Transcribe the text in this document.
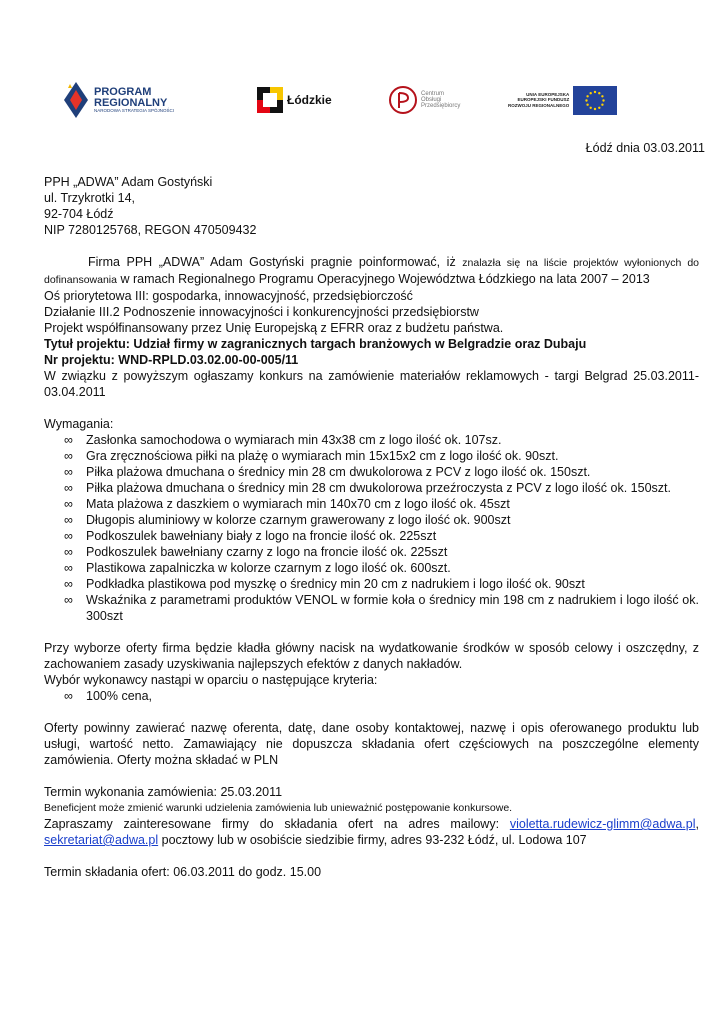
PROGRAM
REGIONALNY
NARODOWA STRATEGIA SPÓJNOŚCI
Łódzkie	Centrum
Obsługi
Przedsiębiorcy
UNIA EUROPEJSKA
EUROPEJSKI FUNDUSZ
ROZWOJU REGIONALNEGO
Łódź dnia 03.03.2011

PPH „ADWA” Adam Gostyński

ul. Trzykrotki 14,

92-704 Łódź

NIP 7280125768, REGON 470509432

Firma PPH „ADWA” Adam Gostyński pragnie poinformować, iż znalazła się na liście projektów wyłonionych do dofinansowania w ramach Regionalnego Programu Operacyjnego Województwa Łódzkiego na lata 2007 – 2013

Oś priorytetowa III: gospodarka, innowacyjność, przedsiębiorczość

Działanie III.2 Podnoszenie innowacyjności i konkurencyjności przedsiębiorstw

Projekt współfinansowany przez Unię Europejską z EFRR oraz z budżetu państwa.

Tytuł projektu: Udział firmy w zagranicznych targach branżowych w Belgradzie oraz Dubaju

Nr projektu: WND-RPLD.03.02.00-00-005/11

W związku z powyższym ogłaszamy konkurs na zamówienie materiałów reklamowych - targi Belgrad 25.03.2011-03.04.2011

Wymagania:

∞ Zasłonka samochodowa o wymiarach min 43x38 cm z logo ilość ok. 107sz.
∞ Gra zręcznościowa piłki na plażę o wymiarach min 15x15x2 cm z logo ilość ok. 90szt.
∞ Piłka plażowa dmuchana o średnicy min 28 cm dwukolorowa z PCV z logo ilość ok. 150szt.
∞ Piłka plażowa dmuchana o średnicy min 28 cm dwukolorowa przeźroczysta z PCV z logo ilość ok. 150szt.
∞ Mata plażowa z daszkiem o wymiarach min 140x70 cm z logo ilość ok. 45szt
∞ Długopis aluminiowy w kolorze czarnym grawerowany z logo ilość ok. 900szt
∞ Podkoszulek bawełniany biały z logo na froncie ilość ok. 225szt
∞ Podkoszulek bawełniany czarny z logo na froncie ilość ok. 225szt
∞ Plastikowa zapalniczka w kolorze czarnym z logo ilość ok. 600szt.
∞ Podkładka plastikowa pod myszkę o średnicy min 20 cm z nadrukiem i logo ilość ok. 90szt
∞ Wskaźnika z parametrami produktów VENOL w formie koła o średnicy min 198 cm z nadrukiem i logo ilość ok. 300szt

Przy wyborze oferty firma będzie kładła główny nacisk na wydatkowanie środków w sposób celowy i oszczędny, z zachowaniem zasady uzyskiwania najlepszych efektów z danych nakładów.

Wybór wykonawcy nastąpi w oparciu o następujące kryteria:

∞ 100% cena,

Oferty powinny zawierać nazwę oferenta, datę, dane osoby kontaktowej, nazwę i opis oferowanego produktu lub usługi, wartość netto. Zamawiający nie dopuszcza składania ofert częściowych na poszczególne elementy zamówienia. Oferty można składać w PLN

Termin wykonania zamówienia: 25.03.2011

Beneficjent może zmienić warunki udzielenia zamówienia lub unieważnić postępowanie konkursowe.

Zapraszamy zainteresowane firmy do składania ofert na adres mailowy: violetta.rudewicz-glimm@adwa.pl, sekretariat@adwa.pl pocztowy lub w osobiście siedzibie firmy, adres 93-232 Łódź, ul. Lodowa 107

Termin składania ofert: 06.03.2011 do godz. 15.00
